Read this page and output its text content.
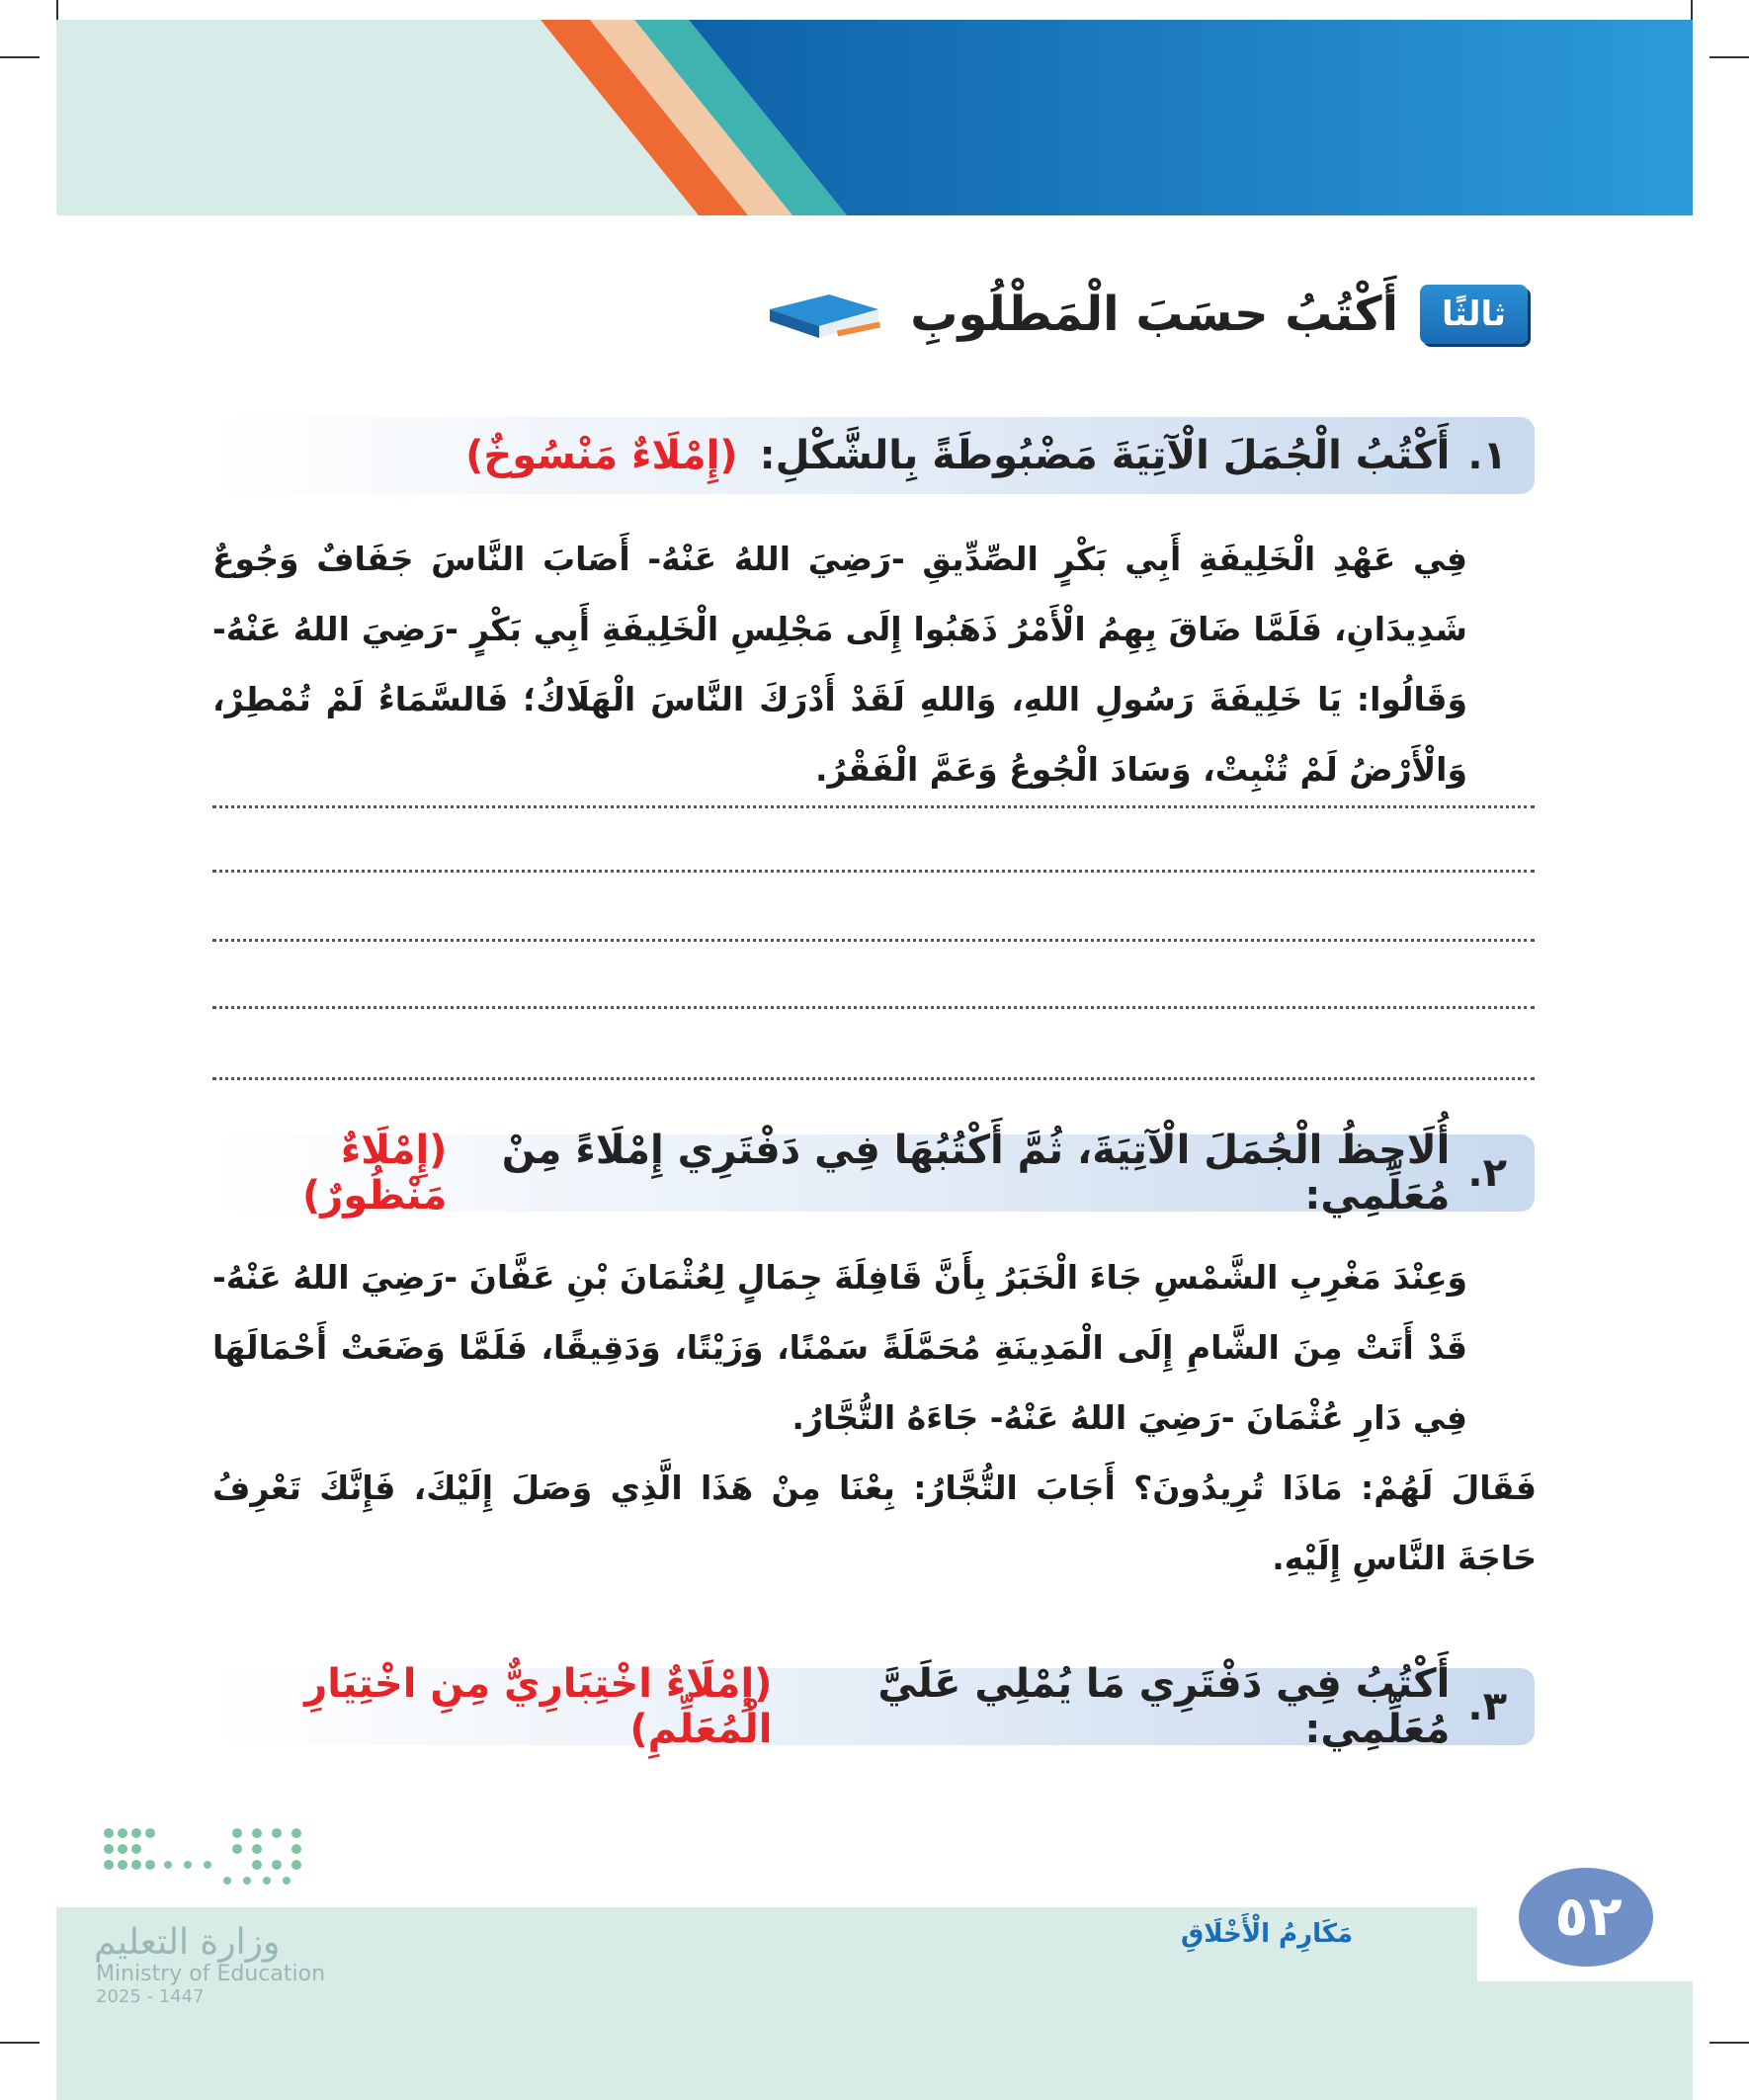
ثالثًا
أَكْتُبُ حسَبَ الْمَطْلُوبِ
١.
أَكْتُبُ الْجُمَلَ الْآتِيَةَ مَضْبُوطَةً بِالشَّكْلِ:
(إِمْلَاءٌ مَنْسُوخٌ)

فِي عَهْدِ الْخَلِيفَةِ أَبِي بَكْرٍ الصِّدِّيقِ -رَضِيَ اللهُ عَنْهُ- أَصَابَ النَّاسَ جَفَافٌ وَجُوعٌ شَدِيدَانِ، فَلَمَّا ضَاقَ بِهِمُ الْأَمْرُ ذَهَبُوا إِلَى مَجْلِسِ الْخَلِيفَةِ أَبِي بَكْرٍ -رَضِيَ اللهُ عَنْهُ- وَقَالُوا: يَا خَلِيفَةَ رَسُولِ اللهِ، وَاللهِ لَقَدْ أَدْرَكَ النَّاسَ الْهَلَاكُ؛ فَالسَّمَاءُ لَمْ تُمْطِرْ، وَالْأَرْضُ لَمْ تُنْبِتْ، وَسَادَ الْجُوعُ وَعَمَّ الْفَقْرُ.

٢.
أُلَاحِظُ الْجُمَلَ الْآتِيَةَ، ثُمَّ أَكْتُبُهَا فِي دَفْتَرِي إِمْلَاءً مِنْ مُعَلِّمِي:
(إِمْلَاءٌ مَنْظُورٌ)

وَعِنْدَ مَغْرِبِ الشَّمْسِ جَاءَ الْخَبَرُ بِأَنَّ قَافِلَةَ جِمَالٍ لِعُثْمَانَ بْنِ عَفَّانَ -رَضِيَ اللهُ عَنْهُ- قَدْ أَتَتْ مِنَ الشَّامِ إِلَى الْمَدِينَةِ مُحَمَّلَةً سَمْنًا، وَزَيْتًا، وَدَقِيقًا، فَلَمَّا وَضَعَتْ أَحْمَالَهَا فِي دَارِ عُثْمَانَ -رَضِيَ اللهُ عَنْهُ- جَاءَهُ التُّجَّارُ.

فَقَالَ لَهُمْ: مَاذَا تُرِيدُونَ؟ أَجَابَ التُّجَّارُ: بِعْنَا مِنْ هَذَا الَّذِي وَصَلَ إِلَيْكَ، فَإِنَّكَ تَعْرِفُ حَاجَةَ النَّاسِ إِلَيْهِ.

٣.
أَكْتُبُ فِي دَفْتَرِي مَا يُمْلِي عَلَيَّ مُعَلِّمِي:
(إِمْلَاءٌ اخْتِبَارِيٌّ مِنِ اخْتِيَارِ الْمُعَلِّمِ)
٥٢
مَكَارِمُ الْأَخْلَاقِ
وزارة التعليم
Ministry of Education
2025 - 1447
